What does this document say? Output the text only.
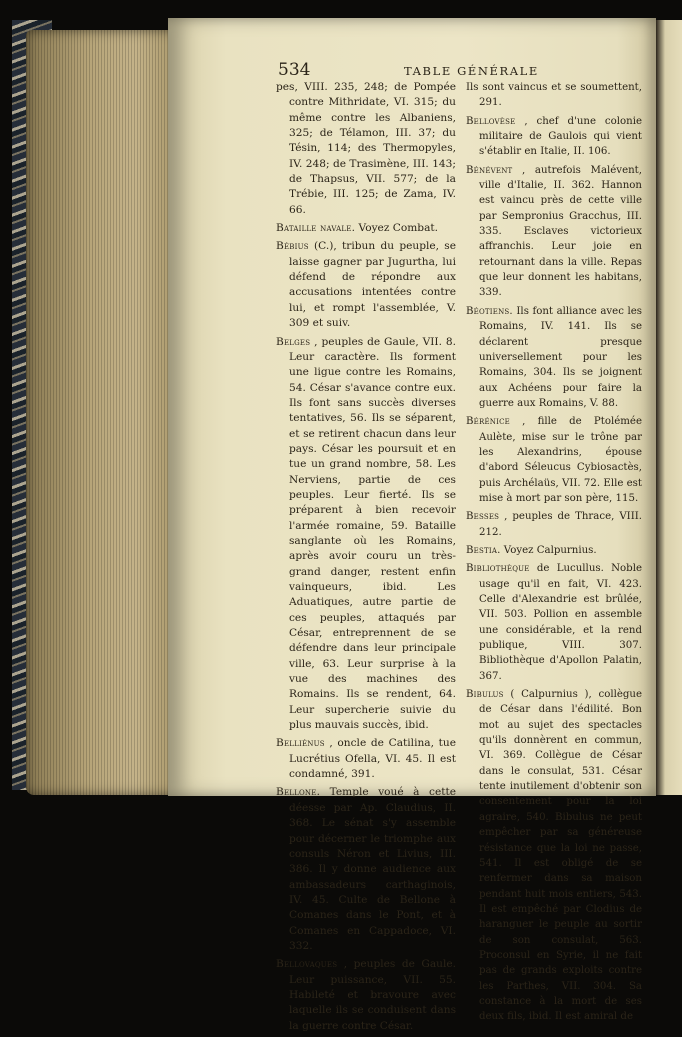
534	TABLE GÉNÉRALE

pes, VIII. 235, 248; de Pompée contre Mithridate, VI. 315; du même contre les Albaniens, 325; de Télamon, III. 37; du Tésin, 114; des Thermopyles, IV. 248; de Trasimène, III. 143; de Thapsus, VII. 577; de la Trébie, III. 125; de Zama, IV. 66.

Bataille navale. Voyez Combat.

Bébius (C.), tribun du peuple, se laisse gagner par Jugurtha, lui défend de répondre aux accusations intentées contre lui, et rompt l'assemblée, V. 309 et suiv.

Belges , peuples de Gaule, VII. 8. Leur caractère. Ils forment une ligue contre les Romains, 54. César s'avance contre eux. Ils font sans succès diverses tentatives, 56. Ils se séparent, et se retirent chacun dans leur pays. César les poursuit et en tue un grand nombre, 58. Les Nerviens, partie de ces peuples. Leur fierté. Ils se préparent à bien recevoir l'armée romaine, 59. Bataille sanglante où les Romains, après avoir couru un très-grand danger, restent enfin vainqueurs, ibid. Les Aduatiques, autre partie de ces peuples, attaqués par César, entreprennent de se défendre dans leur principale ville, 63. Leur surprise à la vue des machines des Romains. Ils se rendent, 64. Leur supercherie suivie du plus mauvais succès, ibid.

Belliénus , oncle de Catilina, tue Lucrétius Ofella, VI. 45. Il est condamné, 391.

Bellone. Temple voué à cette déesse par Ap. Claudius, II. 368. Le sénat s'y assemble pour décerner le triomphe aux consuls Néron et Livius, III. 386. Il y donne audience aux ambassadeurs carthaginois, IV. 45. Culte de Bellone à Comanes dans le Pont, et à Comanes en Cappadoce, VI. 332.

Bellovaques , peuples de Gaule. Leur puissance, VII. 55. Habileté et bravoure avec laquelle ils se conduisent dans la guerre contre César.

Ils sont vaincus et se soumettent, 291.

Bellovèse , chef d'une colonie militaire de Gaulois qui vient s'établir en Italie, II. 106.

Bénévent , autrefois Malévent, ville d'Italie, II. 362. Hannon est vaincu près de cette ville par Sempronius Gracchus, III. 335. Esclaves victorieux affranchis. Leur joie en retournant dans la ville. Repas que leur donnent les habitans, 339.

Béotiens. Ils font alliance avec les Romains, IV. 141. Ils se déclarent presque universellement pour les Romains, 304. Ils se joignent aux Achéens pour faire la guerre aux Romains, V. 88.

Bérénice , fille de Ptolémée Aulète, mise sur le trône par les Alexandrins, épouse d'abord Séleucus Cybiosactès, puis Archélaüs, VII. 72. Elle est mise à mort par son père, 115.

Besses , peuples de Thrace, VIII. 212.

Bestia. Voyez Calpurnius.

Bibliothèque de Lucullus. Noble usage qu'il en fait, VI. 423. Celle d'Alexandrie est brûlée, VII. 503. Pollion en assemble une considérable, et la rend publique, VIII. 307. Bibliothèque d'Apollon Palatin, 367.

Bibulus ( Calpurnius ), collègue de César dans l'édilité. Bon mot au sujet des spectacles qu'ils donnèrent en commun, VI. 369. Collègue de César dans le consulat, 531. César tente inutilement d'obtenir son consentement pour la loi agraire, 540. Bibulus ne peut empêcher par sa généreuse résistance que la loi ne passe, 541. Il est obligé de se renfermer dans sa maison pendant huit mois entiers, 543. Il est empêché par Clodius de haranguer le peuple au sortir de son consulat, 563. Proconsul en Syrie, il ne fait pas de grands exploits contre les Parthes, VII. 304. Sa constance à la mort de ses deux fils, ibid. Il est amiral de
